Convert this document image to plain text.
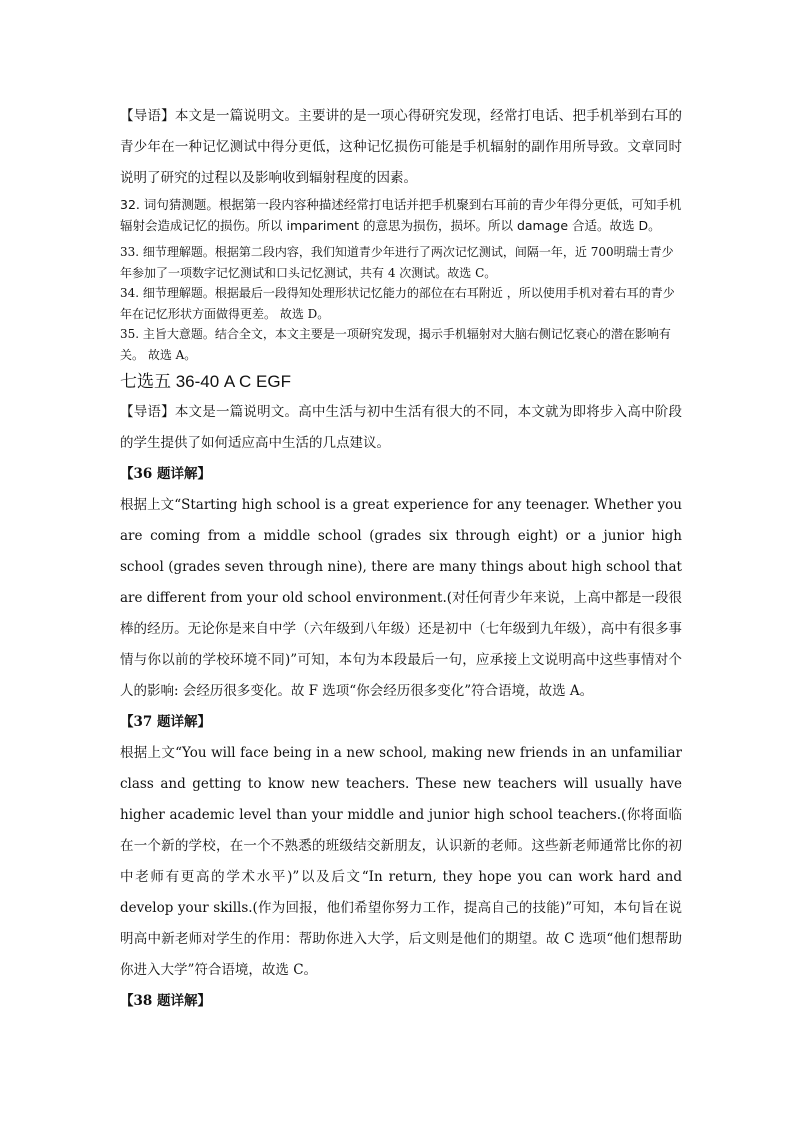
【导语】本文是一篇说明文。主要讲的是一项心得研究发现，经常打电话、把手机举到右耳的青少年在一种记忆测试中得分更低，这种记忆损伤可能是手机辐射的副作用所导致。文章同时说明了研究的过程以及影响收到辐射程度的因素。

32. 词句猜测题。根据第一段内容种描述经常打电话并把手机聚到右耳前的青少年得分更低，可知手机辐射会造成记忆的损伤。所以 impariment 的意思为损伤，损坏。所以 damage 合适。故选 D。

33. 细节理解题。根据第二段内容，我们知道青少年进行了两次记忆测试，间隔一年，近 700明瑞士青少年参加了一项数字记忆测试和口头记忆测试，共有 4 次测试。故选 C。

34. 细节理解题。根据最后一段得知处理形状记忆能力的部位在右耳附近 ，所以使用手机对着右耳的青少年在记忆形状方面做得更差。 故选 D。

35. 主旨大意题。结合全文，本文主要是一项研究发现，揭示手机辐射对大脑右侧记忆衰心的潜在影响有关。 故选 A。

七选五 36-40 A C EGF

【导语】本文是一篇说明文。高中生活与初中生活有很大的不同，本文就为即将步入高中阶段的学生提供了如何适应高中生活的几点建议。

【36 题详解】

根据上文“Starting high school is a great experience for any teenager. Whether you are coming from a middle school (grades six through eight) or a junior high school (grades seven through nine), there are many things about high school that are different from your old school environment.(对任何青少年来说，上高中都是一段很棒的经历。无论你是来自中学（六年级到八年级）还是初中（七年级到九年级），高中有很多事情与你以前的学校环境不同)”可知，本句为本段最后一句，应承接上文说明高中这些事情对个人的影响: 会经历很多变化。故 F 选项“你会经历很多变化”符合语境，故选 A。

【37 题详解】

根据上文“You will face being in a new school, making new friends in an unfamiliar class and getting to know new teachers. These new teachers will usually have higher academic level than your middle and junior high school teachers.(你将面临在一个新的学校，在一个不熟悉的班级结交新朋友，认识新的老师。这些新老师通常比你的初中老师有更高的学术水平)”以及后文“In return, they hope you can work hard and develop your skills.(作为回报，他们希望你努力工作，提高自己的技能)”可知，本句旨在说明高中新老师对学生的作用：帮助你进入大学，后文则是他们的期望。故 C 选项“他们想帮助你进入大学”符合语境，故选 C。

【38 题详解】
